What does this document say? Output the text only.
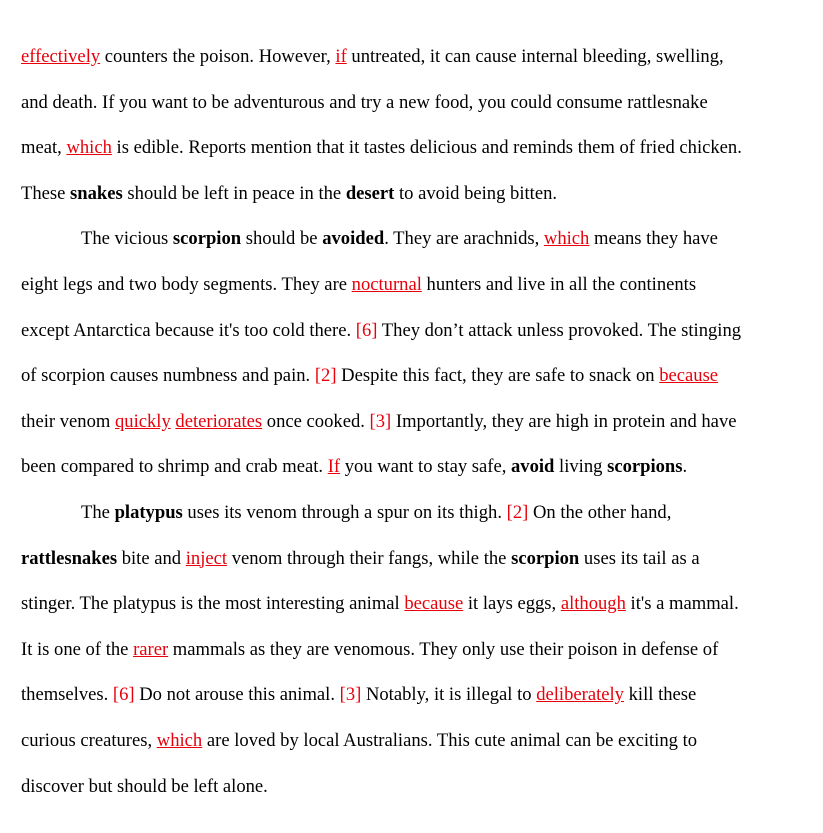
effectively counters the poison. However, if untreated, it can cause internal bleeding, swelling,
and death. If you want to be adventurous and try a new food, you could consume rattlesnake
meat, which is edible. Reports mention that it tastes delicious and reminds them of fried chicken.
These snakes should be left in peace in the desert to avoid being bitten.
The vicious scorpion should be avoided. They are arachnids, which means they have
eight legs and two body segments. They are nocturnal hunters and live in all the continents
except Antarctica because it's too cold there. [6] They don’t attack unless provoked. The stinging
of scorpion causes numbness and pain. [2] Despite this fact, they are safe to snack on because
their venom quickly deteriorates once cooked. [3] Importantly, they are high in protein and have
been compared to shrimp and crab meat. If you want to stay safe, avoid living scorpions.
The platypus uses its venom through a spur on its thigh. [2] On the other hand,
rattlesnakes bite and inject venom through their fangs, while the scorpion uses its tail as a
stinger. The platypus is the most interesting animal because it lays eggs, although it's a mammal.
It is one of the rarer mammals as they are venomous. They only use their poison in defense of
themselves. [6] Do not arouse this animal. [3] Notably, it is illegal to deliberately kill these
curious creatures, which are loved by local Australians. This cute animal can be exciting to
discover but should be left alone.
